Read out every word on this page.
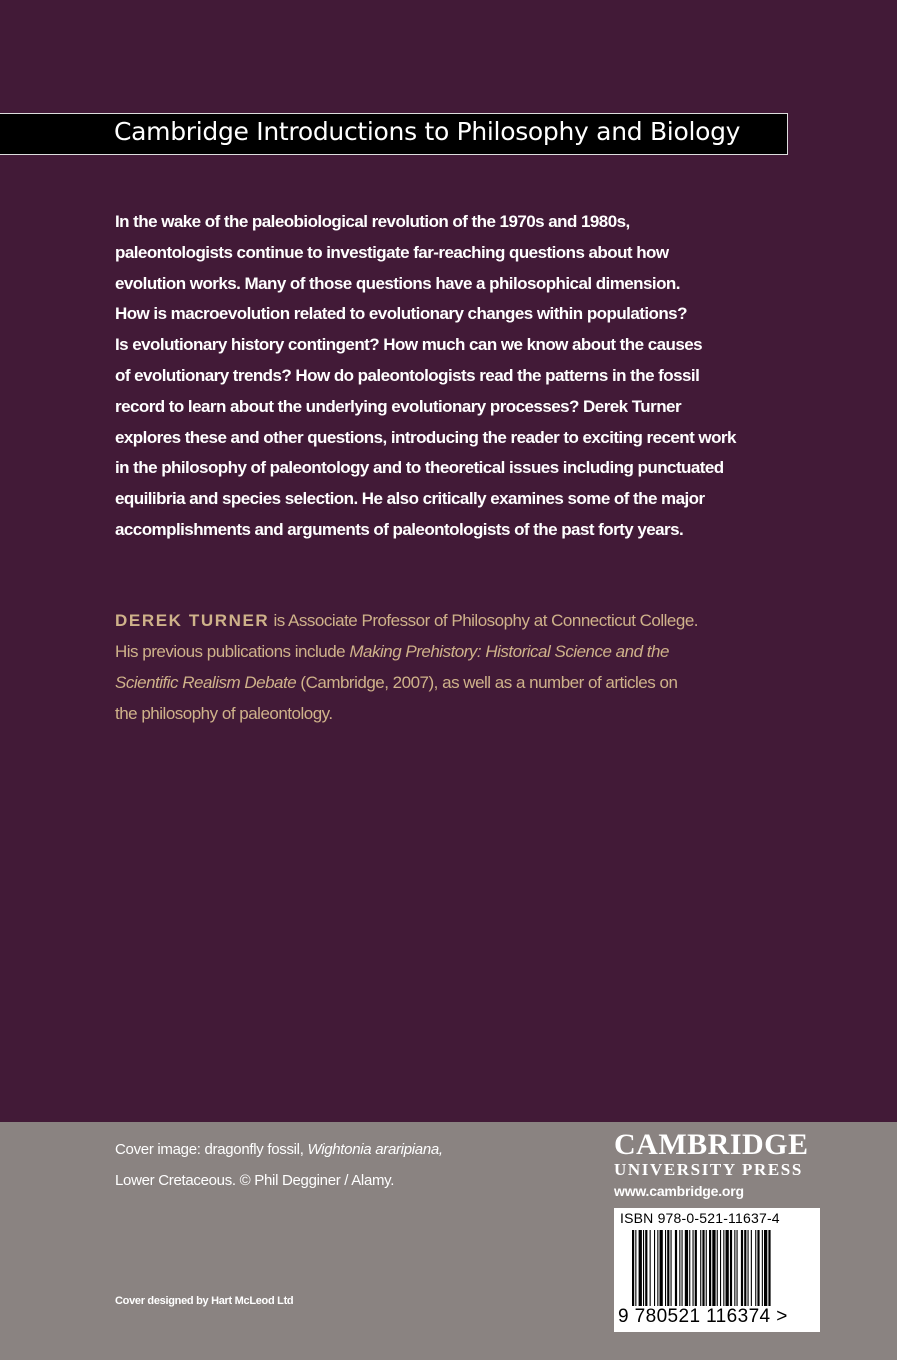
Cambridge Introductions to Philosophy and Biology

In the wake of the paleobiological revolution of the 1970s and 1980s,

paleontologists continue to investigate far-reaching questions about how

evolution works. Many of those questions have a philosophical dimension.

How is macroevolution related to evolutionary changes within populations?

Is evolutionary history contingent? How much can we know about the causes

of evolutionary trends? How do paleontologists read the patterns in the fossil

record to learn about the underlying evolutionary processes? Derek Turner

explores these and other questions, introducing the reader to exciting recent work

in the philosophy of paleontology and to theoretical issues including punctuated

equilibria and species selection. He also critically examines some of the major

accomplishments and arguments of paleontologists of the past forty years.

DEREK TURNER is Associate Professor of Philosophy at Connecticut College.
His previous publications include Making Prehistory: Historical Science and the
Scientific Realism Debate (Cambridge, 2007), as well as a number of articles on
the philosophy of paleontology.
Cover image: dragonfly fossil, Wightonia araripiana,
Lower Cretaceous. © Phil Degginer / Alamy.
Cover designed by Hart McLeod Ltd
CAMBRIDGE
UNIVERSITY PRESS
www.cambridge.org
ISBN 978-0-521-11637-4
9 780521 116374 >
